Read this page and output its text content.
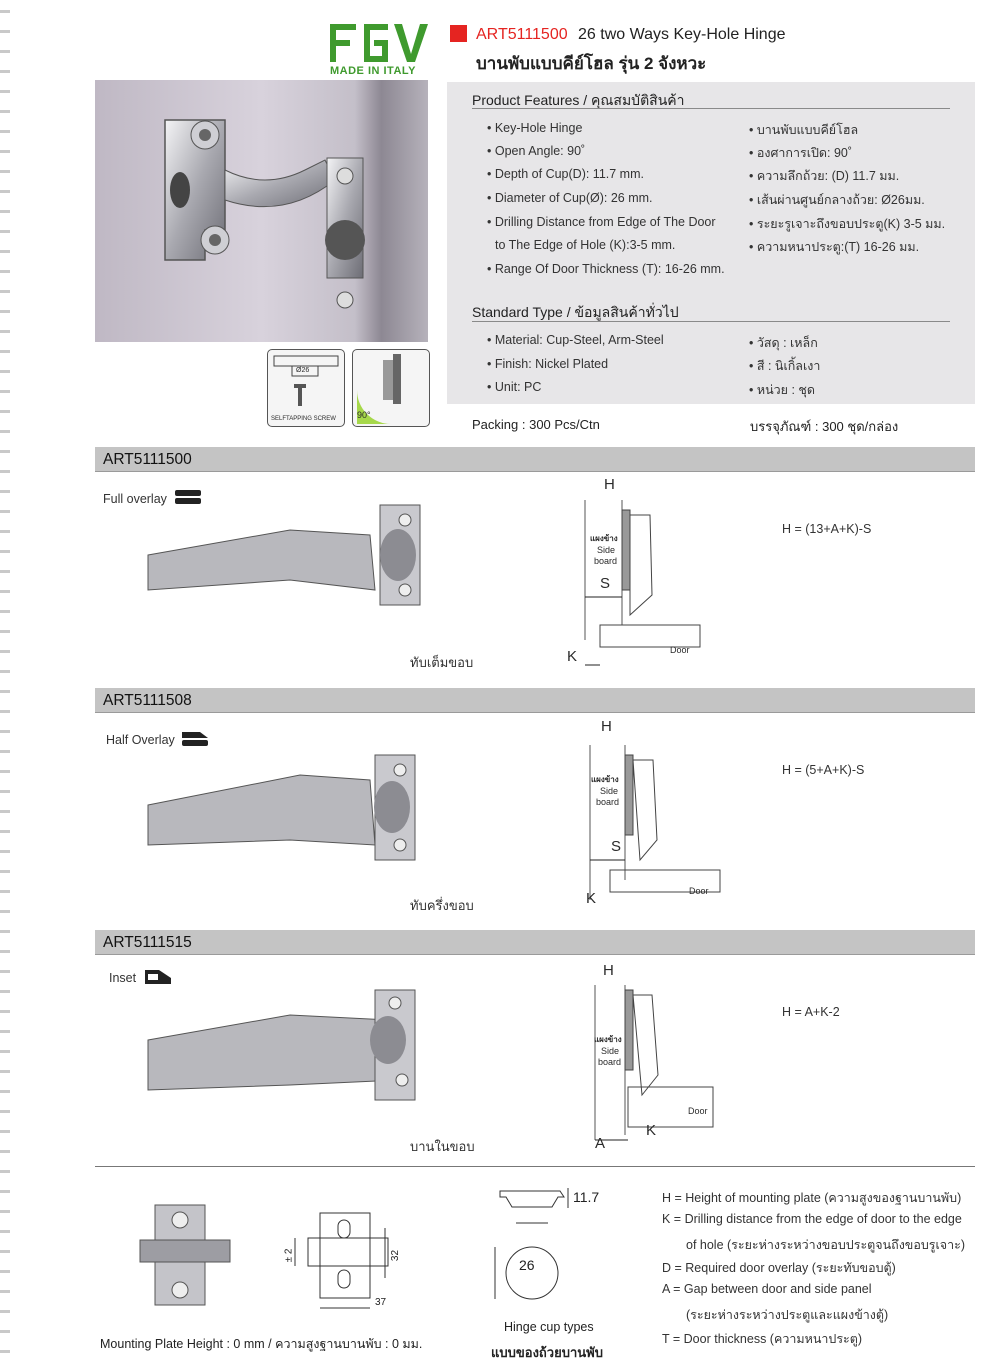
MADE IN ITALY
ART5111500 26 two Ways Key-Hole Hinge
บานพับแบบคีย์โฮล รุ่น 2 จังหวะ
Ø26
SELFTAPPING SCREW 90°
Product Features / คุณสมบัติสินค้า
• Key-Hole Hinge
• Open Angle: 90˚
• Depth of Cup(D): 11.7 mm.
• Diameter of Cup(Ø): 26 mm.
• Drilling Distance from Edge of The Door
to The Edge of Hole (K):3-5 mm.
• Range Of Door Thickness (T): 16-26 mm.
• บานพับแบบคีย์โฮล
• องศาการเปิด: 90˚
• ความลึกถ้วย: (D) 11.7 มม.
• เส้นผ่านศูนย์กลางถ้วย: Ø26มม.
• ระยะรูเจาะถึงขอบประตู(K) 3-5 มม.
• ความหนาประตู:(T) 16-26 มม.
Standard Type / ข้อมูลสินค้าทั่วไป
• Material: Cup-Steel, Arm-Steel
• Finish: Nickel Plated
• Unit: PC
• วัสดุ : เหล็ก
• สี : นิเกิ้ลเงา
• หน่วย : ชุด
Packing : 300 Pcs/Ctn	บรรจุภัณฑ์ : 300 ชุด/กล่อง
ART5111500
Full overlay
ทับเต็มขอบ
H
S
K
แผงข้าง
Side
board
Door
H = (13+A+K)-S
ART5111508
Half Overlay
ทับครึ่งขอบ
H
S
K
แผงข้าง
Side
board
Door
H = (5+A+K)-S
ART5111515
Inset
บานในขอบ
H
A
K
แผงข้าง
Side
board
Door
H = A+K-2
± 2	32
37
11.7
26
Mounting Plate Height : 0 mm / ความสูงฐานบานพับ : 0 มม.
Hinge cup types
แบบของถ้วยบานพับ
H = Height of mounting plate (ความสูงของฐานบานพับ)
K = Drilling distance from the edge of door to the edge
of hole (ระยะห่างระหว่างขอบประตูจนถึงขอบรูเจาะ)
D = Required door overlay (ระยะทับขอบตู้)
A = Gap between door and side panel
(ระยะห่างระหว่างประตูและแผงข้างตู้)
T = Door thickness (ความหนาประตู)
